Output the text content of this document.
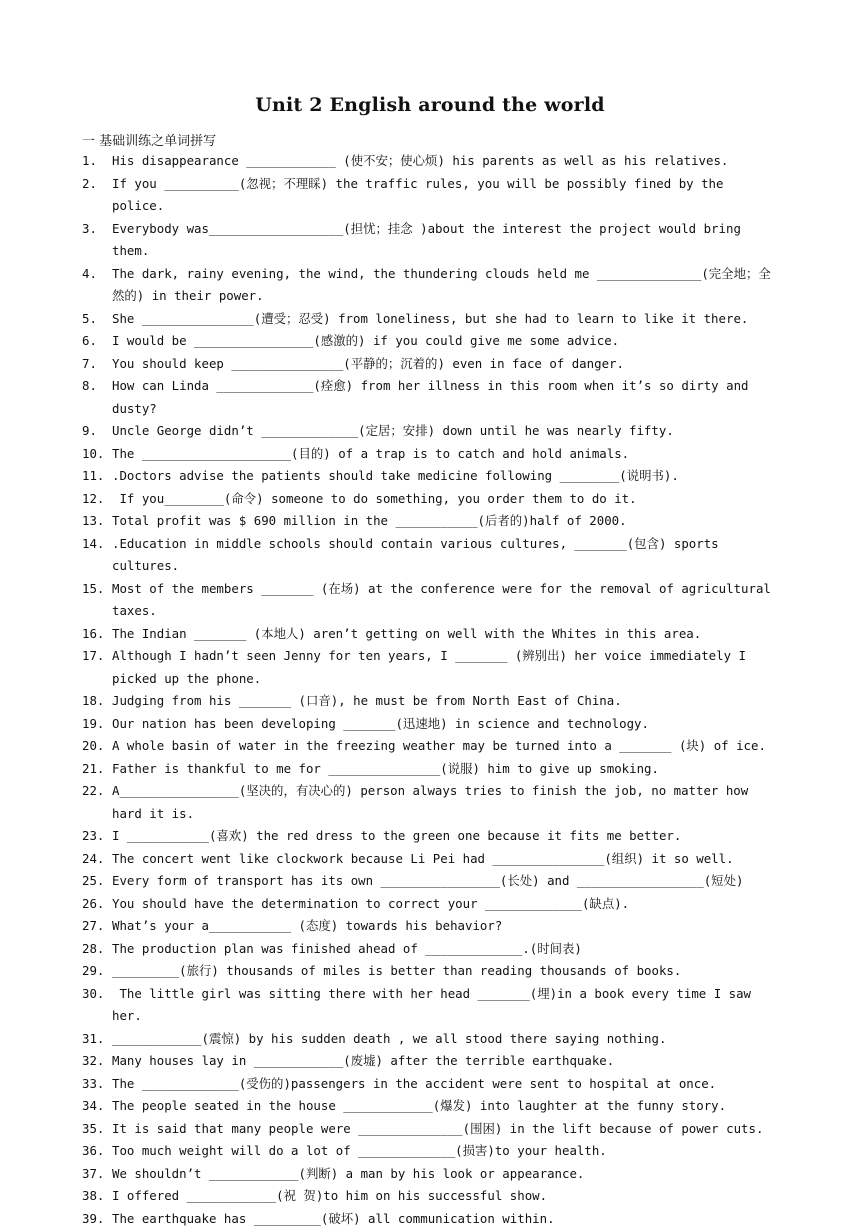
Unit 2 English around the world
一 基础训练之单词拼写
1.	His disappearance ____________ (使不安；使心烦) his parents as well as his relatives.
2.	If you __________(忽视；不理睬) the traffic rules, you will be possibly fined by the police.
3.	Everybody was__________________(担忧；挂念 )about the interest the project would bring them.
4.	The dark, rainy evening, the wind, the thundering clouds held me ______________(完全地；全然的) in their power.
5.	She _______________(遭受；忍受) from loneliness, but she had to learn to like it there.
6.	I would be ________________(感激的) if you could give me some advice.
7.	You should keep _______________(平静的；沉着的) even in face of danger.
8.	How can Linda _____________(痊愈) from her illness in this room when it’s so dirty and dusty?
9.	Uncle George didn’t _____________(定居；安排) down until he was nearly fifty.
10. The ____________________(目的) of a trap is to catch and hold animals.
11. .Doctors advise the patients should take medicine following ________(说明书).
12. If you________(命令) someone to do something, you order them to do it.
13. Total profit was $ 690 million in the ___________(后者的)half of 2000.
14. .Education in middle schools should contain various cultures, _______(包含) sports cultures.
15. Most of the members _______ (在场) at the conference were for the removal of agricultural taxes.
16. The Indian _______ (本地人) aren’t getting on well with the Whites in this area.
17. Although I hadn’t seen Jenny for ten years, I _______ (辨别出) her voice immediately I picked up the phone.
18. Judging from his _______ (口音), he must be from North East of China.
19. Our nation has been developing _______(迅速地) in science and technology.
20. A whole basin of water in the freezing weather may be turned into a _______ (块) of ice.
21. Father is thankful to me for _______________(说服) him to give up smoking.
22. A________________(坚决的，有决心的) person always tries to finish the job, no matter how hard it is.
23. I ___________(喜欢) the red dress to the green one because it fits me better.
24. The concert went like clockwork because Li Pei had _______________(组织) it so well.
25. Every form of transport has its own ________________(长处) and _________________(短处)
26. You should have the determination to correct your _____________(缺点).
27. What’s your a___________ (态度) towards his behavior?
28. The production plan was finished ahead of _____________.(时间表)
29. _________(旅行) thousands of miles is better than reading thousands of books.
30. The little girl was sitting there with her head _______(埋)in a book every time I saw her.
31. ____________(震惊) by his sudden death , we all stood there saying nothing.
32. Many houses lay in ____________(废墟) after the terrible earthquake.
33. The _____________(受伤的)passengers in the accident were sent to hospital at once.
34. The people seated in the house ____________(爆发) into laughter at the funny story.
35. It is said that many people were ______________(围困) in the lift because of power cuts.
36. Too much weight will do a lot of _____________(损害)to your health.
37. We shouldn’t ____________(判断) a man by his look or appearance.
38. I offered ____________(祝 贺)to him on his successful show.
39. The earthquake has _________(破坏) all communication within.
